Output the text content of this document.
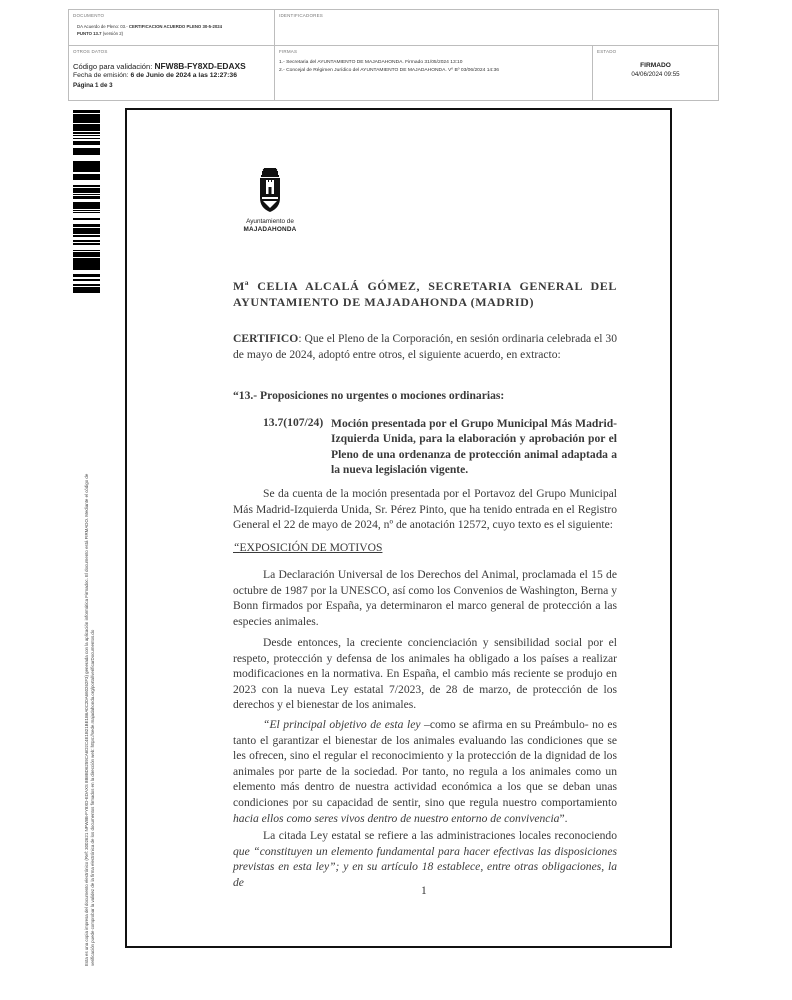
DOCUMENTO
DA Acuerdo de Pleno: 03.- CERTIFICACION ACUERDO PLENO 30-5-2024
PUNTO 13.7 (versión 2)
IDENTIFICADORES
OTROS DATOS
Código para validación: NFW8B-FY8XD-EDAXS
Fecha de emisión: 6 de Junio de 2024 a las 12:27:36
Página 1 de 3
FIRMAS
1.- Secretaria del AYUNTAMIENTO DE MAJADAHONDA. Firmado 31/05/2024 13:10
2.- Concejal de Régimen Jurídico del AYUNTAMIENTO DE MAJADAHONDA. Vº Bº 03/06/2024 14:36
ESTADO
FIRMADO
04/06/2024 09:55
Esta es una copia impresa del documento electrónico (Ref: 3002621 NFW8B-FY8XD-EDAXS 8B8BD6259CA6D2C4E1B21BE1B6A0C20A660262F3) generada con la aplicación informática Firmadoc. El documento está FIRMADO. Mediante el código de verificación puede comprobar la validez de la firma electrónica de los documentos firmados en la dirección web: https://sede.majadahonda.org/portal/verificarDocumentos.do
Ayuntamiento de
MAJADAHONDA
Mª CELIA ALCALÁ GÓMEZ, SECRETARIA GENERAL DEL AYUNTAMIENTO DE MAJADAHONDA (MADRID)
CERTIFICO: Que el Pleno de la Corporación, en sesión ordinaria celebrada el 30 de mayo de 2024, adoptó entre otros, el siguiente acuerdo, en extracto:
“13.- Proposiciones no urgentes o mociones ordinarias:
13.7(107/24) Moción presentada por el Grupo Municipal Más Madrid-Izquierda Unida, para la elaboración y aprobación por el Pleno de una ordenanza de protección animal adaptada a la nueva legislación vigente.
Se da cuenta de la moción presentada por el Portavoz del Grupo Municipal Más Madrid-Izquierda Unida, Sr. Pérez Pinto, que ha tenido entrada en el Registro General el 22 de mayo de 2024, nº de anotación 12572, cuyo texto es el siguiente:
“EXPOSICIÓN DE MOTIVOS
La Declaración Universal de los Derechos del Animal, proclamada el 15 de octubre de 1987 por la UNESCO, así como los Convenios de Washington, Berna y Bonn firmados por España, ya determinaron el marco general de protección a las especies animales.
Desde entonces, la creciente concienciación y sensibilidad social por el respeto, protección y defensa de los animales ha obligado a los países a realizar modificaciones en la normativa. En España, el cambio más reciente se produjo en 2023 con la nueva Ley estatal 7/2023, de 28 de marzo, de protección de los derechos y el bienestar de los animales.
“El principal objetivo de esta ley –como se afirma en su Preámbulo- no es tanto el garantizar el bienestar de los animales evaluando las condiciones que se les ofrecen, sino el regular el reconocimiento y la protección de la dignidad de los animales por parte de la sociedad. Por tanto, no regula a los animales como un elemento más dentro de nuestra actividad económica a los que se deban unas condiciones por su capacidad de sentir, sino que regula nuestro comportamiento hacia ellos como seres vivos dentro de nuestro entorno de convivencia”.
La citada Ley estatal se refiere a las administraciones locales reconociendo que “constituyen un elemento fundamental para hacer efectivas las disposiciones previstas en esta ley”; y en su artículo 18 establece, entre otras obligaciones, la de
1
